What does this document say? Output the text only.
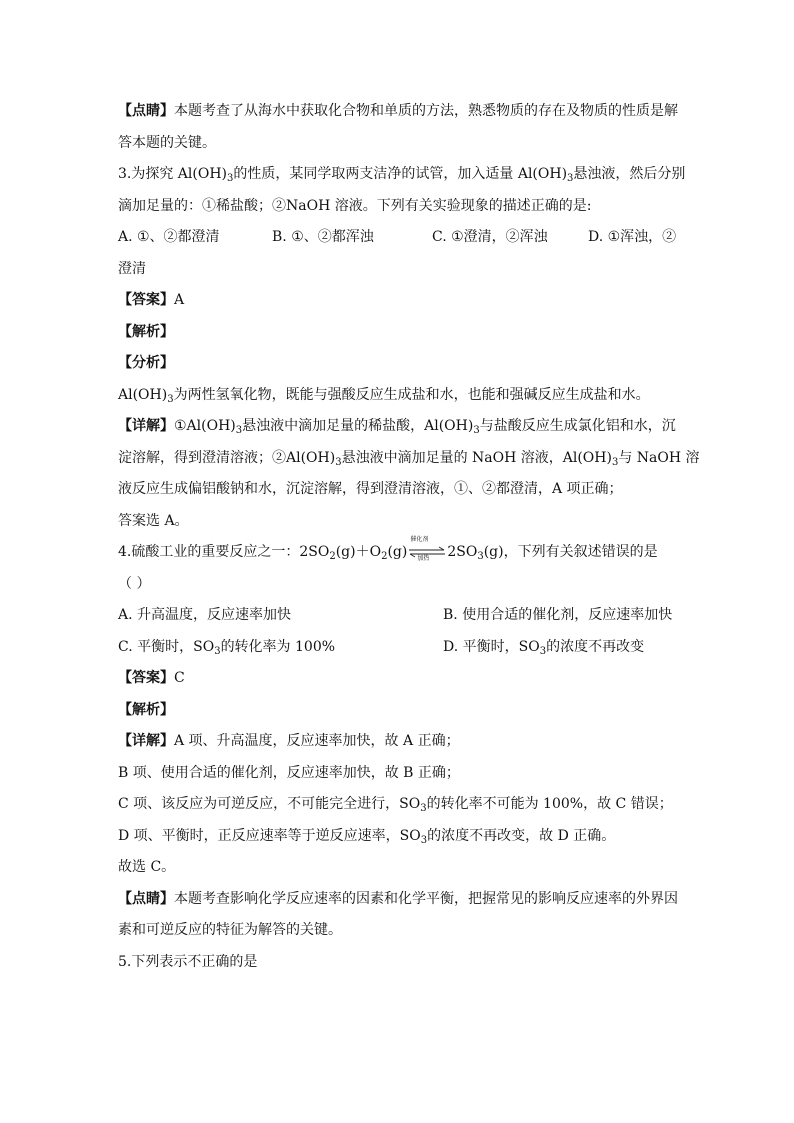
【点睛】本题考查了从海水中获取化合物和单质的方法，熟悉物质的存在及物质的性质是解

答本题的关键。

3.为探究 $Al(OH)_3$的性质，某同学取两支洁净的试管，加入适量 $Al(OH)_3$悬浊液，然后分别

滴加足量的：①稀盐酸；②NaOH 溶液。下列有关实验现象的描述正确的是:

A. ①、②都澄清	B. ①、②都浑浊	C. ①澄清，②浑浊	D. ①浑浊，②

澄清

【答案】A

【解析】

【分析】

$Al(OH)_3$为两性氢氧化物，既能与强酸反应生成盐和水，也能和强碱反应生成盐和水。

【详解】$①Al(OH)_3$悬浊液中滴加足量的稀盐酸，$Al(OH)_3$与盐酸反应生成氯化铝和水，沉

淀溶解，得到澄清溶液；$②Al(OH)_3$悬浊液中滴加足量的 NaOH 溶液，$Al(OH)_3$与 NaOH 溶

液反应生成偏铝酸钠和水，沉淀溶解，得到澄清溶液，①、②都澄清，A 项正确；

答案选 A。

4.硫酸工业的重要反应之一：$2SO_2(g)+O_2(g)$
催化剂
加热 $2SO_3(g)$，下列有关叙述错误的是

（ ）

A. 升高温度，反应速率加快	B. 使用合适的催化剂，反应速率加快
C. 平衡时，$SO_3$的转化率为 100%	D. 平衡时，$SO_3$的浓度不再改变

【答案】C

【解析】

【详解】A 项、升高温度，反应速率加快，故 A 正确；

B 项、使用合适的催化剂，反应速率加快，故 B 正确；

C 项、该反应为可逆反应，不可能完全进行，$SO_3$的转化率不可能为 100%，故 C 错误；

D 项、平衡时，正反应速率等于逆反应速率，$SO_3$的浓度不再改变，故 D 正确。

故选 C。

【点睛】本题考查影响化学反应速率的因素和化学平衡，把握常见的影响反应速率的外界因

素和可逆反应的特征为解答的关键。

5.下列表示不正确的是
